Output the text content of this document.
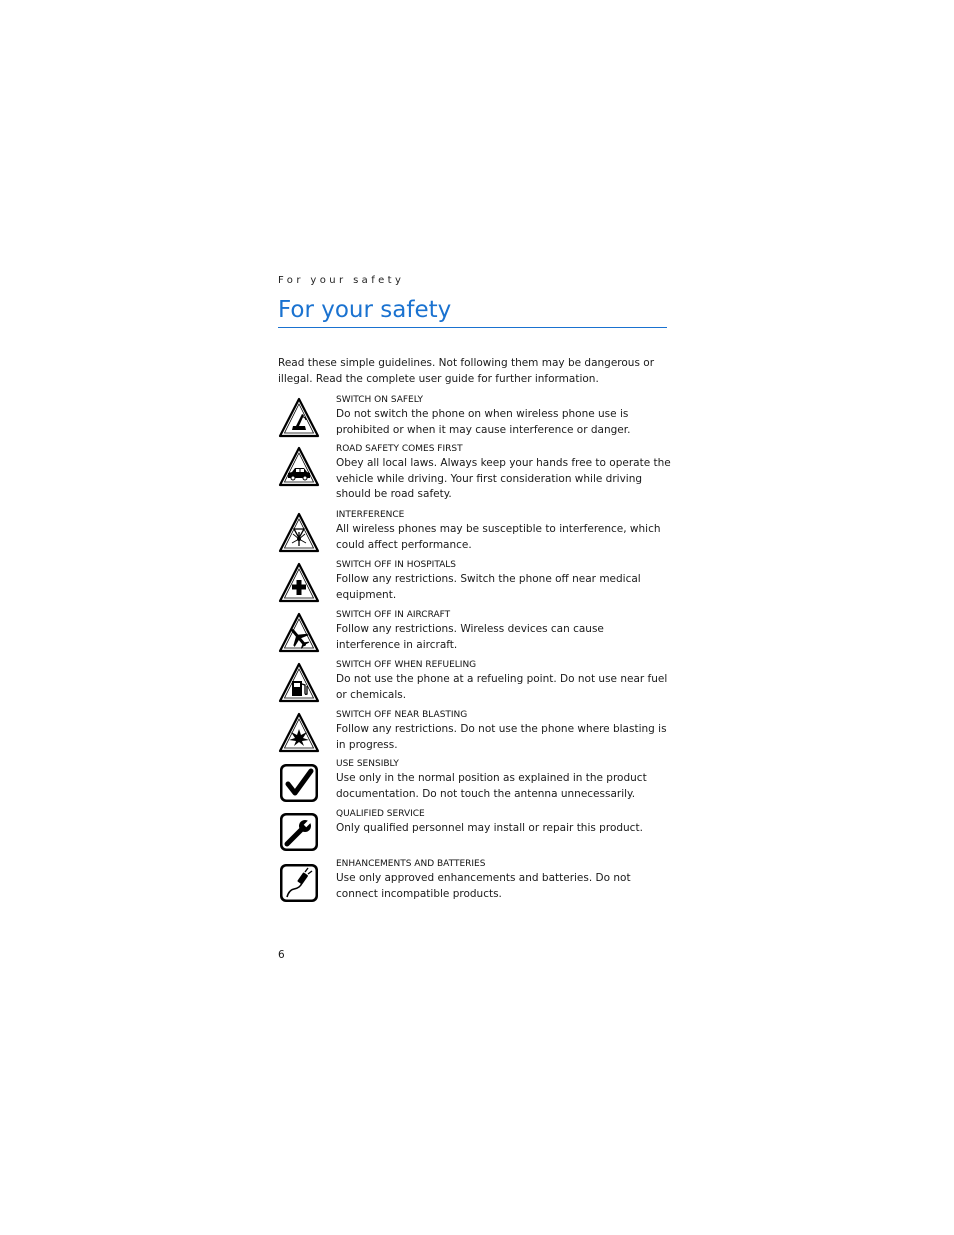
For your safety
For your safety

Read these simple guidelines. Not following them may be dangerous or illegal. Read the complete user guide for further information.

SWITCH ON SAFELY

Do not switch the phone on when wireless phone use is prohibited or when it may cause interference or danger.

ROAD SAFETY COMES FIRST

Obey all local laws. Always keep your hands free to operate the vehicle while driving. Your first consideration while driving should be road safety.

INTERFERENCE

All wireless phones may be susceptible to interference, which could affect performance.

SWITCH OFF IN HOSPITALS

Follow any restrictions. Switch the phone off near medical equipment.

SWITCH OFF IN AIRCRAFT

Follow any restrictions. Wireless devices can cause interference in aircraft.

SWITCH OFF WHEN REFUELING

Do not use the phone at a refueling point. Do not use near fuel or chemicals.

SWITCH OFF NEAR BLASTING

Follow any restrictions. Do not use the phone where blasting is in progress.

USE SENSIBLY

Use only in the normal position as explained in the product documentation. Do not touch the antenna unnecessarily.

QUALIFIED SERVICE

Only qualified personnel may install or repair this product.

ENHANCEMENTS AND BATTERIES

Use only approved enhancements and batteries. Do not connect incompatible products.

6
